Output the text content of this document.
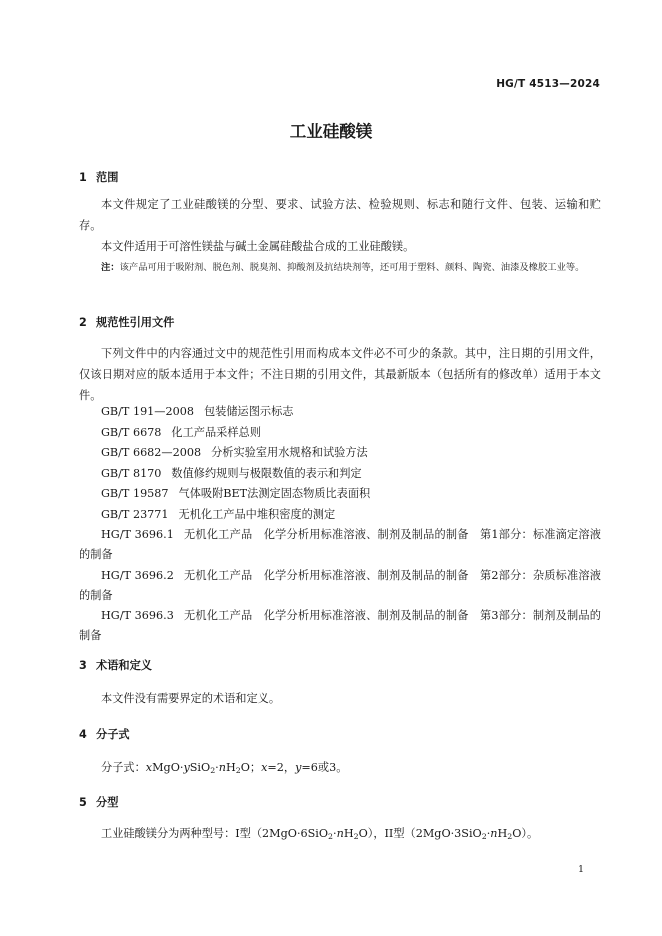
HG/T 4513—2024
工业硅酸镁
1 范围

本文件规定了工业硅酸镁的分型、要求、试验方法、检验规则、标志和随行文件、包装、运输和贮存。

本文件适用于可溶性镁盐与碱土金属硅酸盐合成的工业硅酸镁。

注：该产品可用于吸附剂、脱色剂、脱臭剂、抑酸剂及抗结块剂等，还可用于塑料、颜料、陶瓷、油漆及橡胶工业等。

2 规范性引用文件

下列文件中的内容通过文中的规范性引用而构成本文件必不可少的条款。其中，注日期的引用文件，仅该日期对应的版本适用于本文件；不注日期的引用文件，其最新版本（包括所有的修改单）适用于本文件。

GB/T 191—2008 包装储运图示标志

GB/T 6678 化工产品采样总则

GB/T 6682—2008 分析实验室用水规格和试验方法

GB/T 8170 数值修约规则与极限数值的表示和判定

GB/T 19587 气体吸附BET法测定固态物质比表面积

GB/T 23771 无机化工产品中堆积密度的测定

HG/T 3696.1 无机化工产品　化学分析用标准溶液、制剂及制品的制备　第1部分：标准滴定溶液的制备

HG/T 3696.2 无机化工产品　化学分析用标准溶液、制剂及制品的制备　第2部分：杂质标准溶液的制备

HG/T 3696.3 无机化工产品　化学分析用标准溶液、制剂及制品的制备　第3部分：制剂及制品的制备

3 术语和定义

本文件没有需要界定的术语和定义。

4 分子式

分子式：$xMgO\cdot ySiO_2\cdot nH_2O$；x=2，y=6或3。

5 分型

工业硅酸镁分为两种型号：I型$(2MgO\cdot 6SiO_2\cdot nH_2O)$，II型$(2MgO\cdot 3SiO_2\cdot nH_2O)$。

1
